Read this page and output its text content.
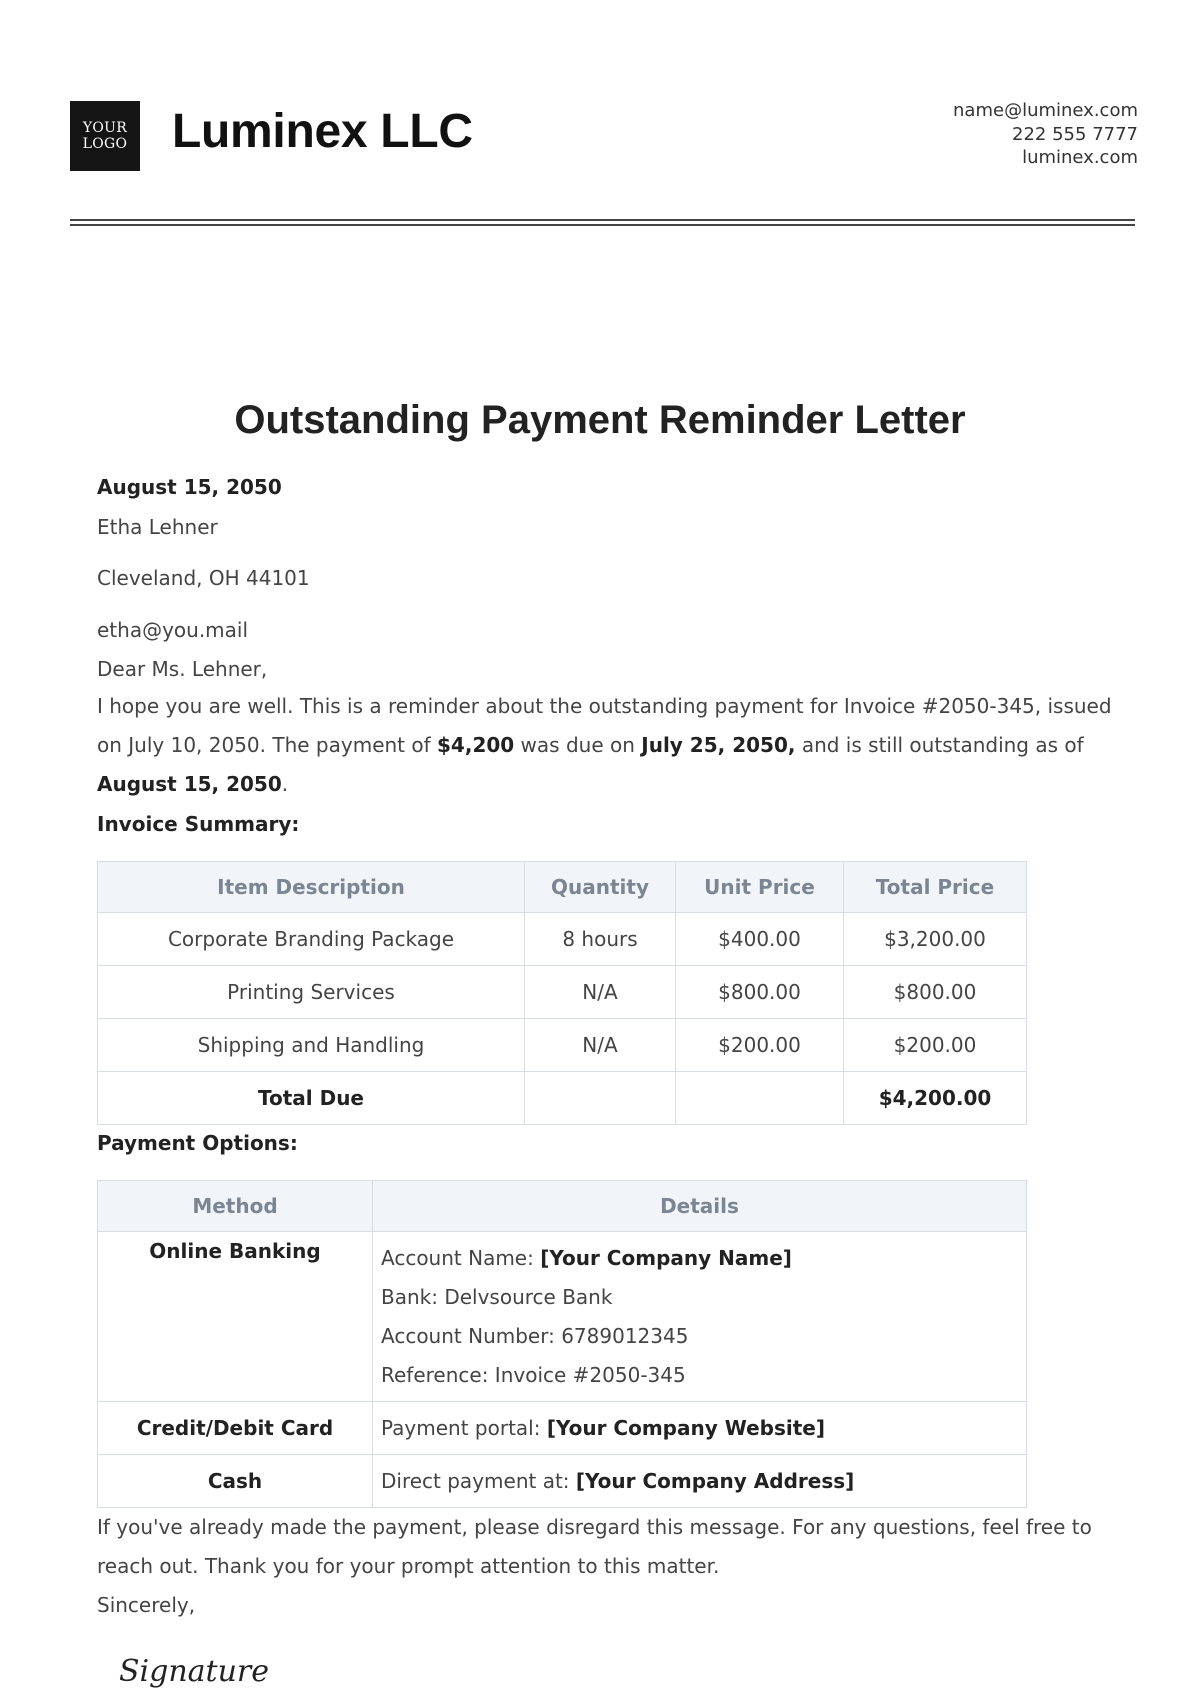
YOUR
LOGO Luminex LLC	name@luminex.com
222 555 7777
luminex.com
Outstanding Payment Reminder Letter
August 15, 2050
Etha Lehner
Cleveland, OH 44101
etha@you.mail
Dear Ms. Lehner,
I hope you are well. This is a reminder about the outstanding payment for Invoice #2050-345, issued on July 10, 2050. The payment of $4,200 was due on July 25, 2050, and is still outstanding as of August 15, 2050.
Invoice Summary:
Item Description	Quantity	Unit Price	Total Price
Corporate Branding Package	8 hours	$400.00	$3,200.00
Printing Services	N/A	$800.00	$800.00
Shipping and Handling	N/A	$200.00	$200.00
Total Due			$4,200.00
Payment Options:
Method	Details
Online Banking	Account Name: [Your Company Name]
Bank: Delvsource Bank
Account Number: 6789012345
Reference: Invoice #2050-345

Credit/Debit Card	Payment portal: [Your Company Website]
Cash	Direct payment at: [Your Company Address]
If you've already made the payment, please disregard this message. For any questions, feel free to reach out. Thank you for your prompt attention to this matter.
Sincerely,
Signature
